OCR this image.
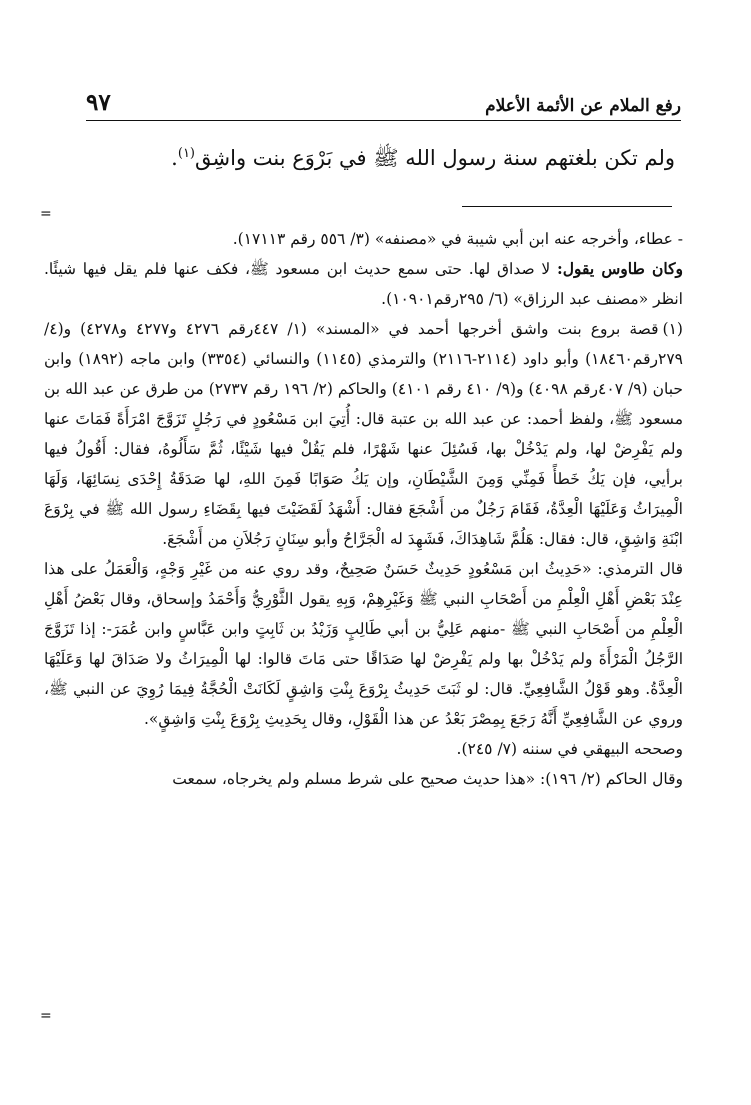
رفع الملام عن الأئمة الأعلام
٩٧
ولم تكن بلغتهم سنة رسول الله ﷺ في بَرْوَع بنت واشِق$^{(١)}$.
=

- عطاء، وأخرجه عنه ابن أبي شيبة في «مصنفه» (٣/ ٥٥٦ رقم ١٧١١٣).

وكان طاوس يقول: لا صداق لها. حتى سمع حديث ابن مسعود ﷺ، فكف عنها فلم يقل فيها شيئًا. انظر «مصنف عبد الرزاق» (٦/ ٢٩٥رقم١٠٩٠١).

(١)قصة بروع بنت واشق أخرجها أحمد في «المسند» (١/ ٤٤٧رقم ٤٢٧٦ و٤٢٧٧ و٤٢٧٨) و(٤/ ٢٧٩رقم١٨٤٦٠) وأبو داود (٢١١٤-٢١١٦) والترمذي (١١٤٥) والنسائي (٣٣٥٤) وابن ماجه (١٨٩٢) وابن حبان (٩/ ٤٠٧رقم ٤٠٩٨) و(٩/ ٤١٠ رقم ٤١٠١) والحاكم (٢/ ١٩٦ رقم ٢٧٣٧) من طرق عن عبد الله بن مسعود ﷺ، ولفظ أحمد: عن عبد الله بن عتبة قال: أُتِيَ ابن مَسْعُودٍ في رَجُلٍ تَزَوَّجَ امْرَأَةً فَمَاتَ عنها ولم يَفْرِضْ لها، ولم يَدْخُلْ بها، فَسُئِلَ عنها شَهْرًا، فلم يَقُلْ فيها شَيْئًا، ثُمَّ سَأَلُوهُ، فقال: أَقُولُ فيها برأيي، فإن يَكُ خَطأً فَمِنِّي وَمِنَ الشَّيْطَانِ، وإن يَكُ صَوَابًا فَمِنَ اللهِ، لها صَدَقَةُ إِحْدَى نِسَائِهَا، وَلَهَا الْمِيرَاثُ وَعَلَيْهَا الْعِدَّةُ، فَقَامَ رَجُلٌ من أَشْجَعَ فقال: أَشْهَدُ لَقَضَيْتَ فيها بِقَضَاءِ رسول الله ﷺ في بِرْوَعَ ابْنَةِ وَاشِقٍ، قال: فقال: هَلُمَّ شَاهِدَاكَ، فَشَهِدَ له الْجَرَّاحُ وأبو سِنَانٍ رَجُلاَنِ من أَشْجَعَ.

قال الترمذي: «حَدِيثُ ابن مَسْعُودٍ حَدِيثٌ حَسَنٌ صَحِيحٌ، وقد روي عنه من غَيْرِ وَجْهٍ، وَالْعَمَلُ على هذا عِنْدَ بَعْضِ أَهْلِ الْعِلْمِ من أَصْحَابِ النبي ﷺ وَغَيْرِهِمْ، وَبِهِ يقول الثَّوْرِيُّ وَأَحْمَدُ وإسحاق، وقال بَعْضُ أَهْلِ الْعِلْمِ من أَصْحَابِ النبي ﷺ -منهم عَلِيُّ بن أبي طَالِبٍ وَزَيْدُ بن ثَابِتٍ وابن عَبَّاسٍ وابن عُمَرَ-: إذا تَزَوَّجَ الرَّجُلُ الْمَرْأَةَ ولم يَدْخُلْ بها ولم يَفْرِضْ لها صَدَاقًا حتى مَاتَ قالوا: لها الْمِيرَاثُ ولا صَدَاقَ لها وَعَلَيْهَا الْعِدَّةُ. وهو قَوْلُ الشَّافِعِيِّ. قال: لو ثَبَتَ حَدِيثُ بِرْوَعَ بِنْتِ وَاشِقٍ لَكَانَتْ الْحُجَّةُ فِيمَا رُوِيَ عن النبي ﷺ، وروي عن الشَّافِعِيِّ أَنَّهُ رَجَعَ بِمِصْرَ بَعْدُ عن هذا الْقَوْلِ، وقال بِحَدِيثِ بِرْوَعَ بِنْتِ وَاشِقٍ».

وصححه البيهقي في سننه (٧/ ٢٤٥).

وقال الحاكم (٢/ ١٩٦): «هذا حديث صحيح على شرط مسلم ولم يخرجاه، سمعت

=
